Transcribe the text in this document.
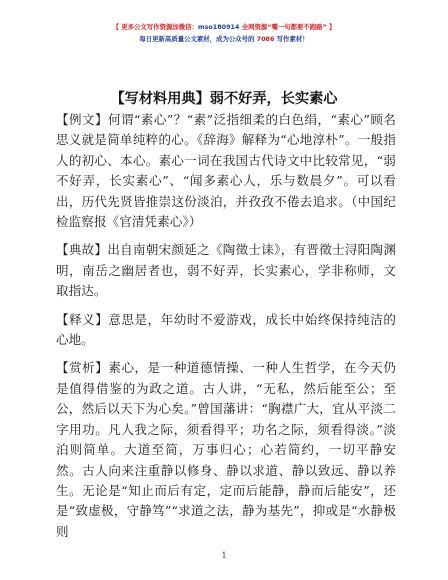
【 更多公文写作资源加微信：mso180914 全网资源“嘴一句都要不跑路” 】
每日更新高质量公文素材，成为公众号的 7086 写作素材！
【写材料用典】弱不好弄，长实素心

【例文】何谓“素心”？“素”泛指细柔的白色绢，“素心”顾名思义就是简单纯粹的心。《辞海》解释为“心地淳朴”。一般指人的初心、本心。素心一词在我国古代诗文中比较常见，“弱不好弄，长实素心”、“闻多素心人，乐与数晨夕”。可以看出，历代先贤皆推崇这份淡泊，并孜孜不倦去追求。（中国纪检监察报《官清凭素心》）

【典故】出自南朝宋颜延之《陶徵士诔》，有晋徵士浔阳陶渊明，南岳之幽居者也，弱不好弄，长实素心，学非称师，文取指达。

【释义】意思是，年幼时不爱游戏，成长中始终保持纯洁的心地。

【赏析】素心，是一种道德情操、一种人生哲学，在今天仍是值得借鉴的为政之道。古人讲，“无私，然后能至公；至公，然后以天下为心矣。”曾国藩讲：“胸襟广大，宜从平淡二字用功。凡人我之际，须看得平；功名之际，须看得淡。”淡泊则简单。大道至简，万事归心；心若简约，一切平静安然。古人向来注重静以修身、静以求道、静以致远、静以养生。无论是“知止而后有定，定而后能静，静而后能安”，还是“致虚极，守静笃”“求道之法，静为基先”，抑或是“水静极则

1
